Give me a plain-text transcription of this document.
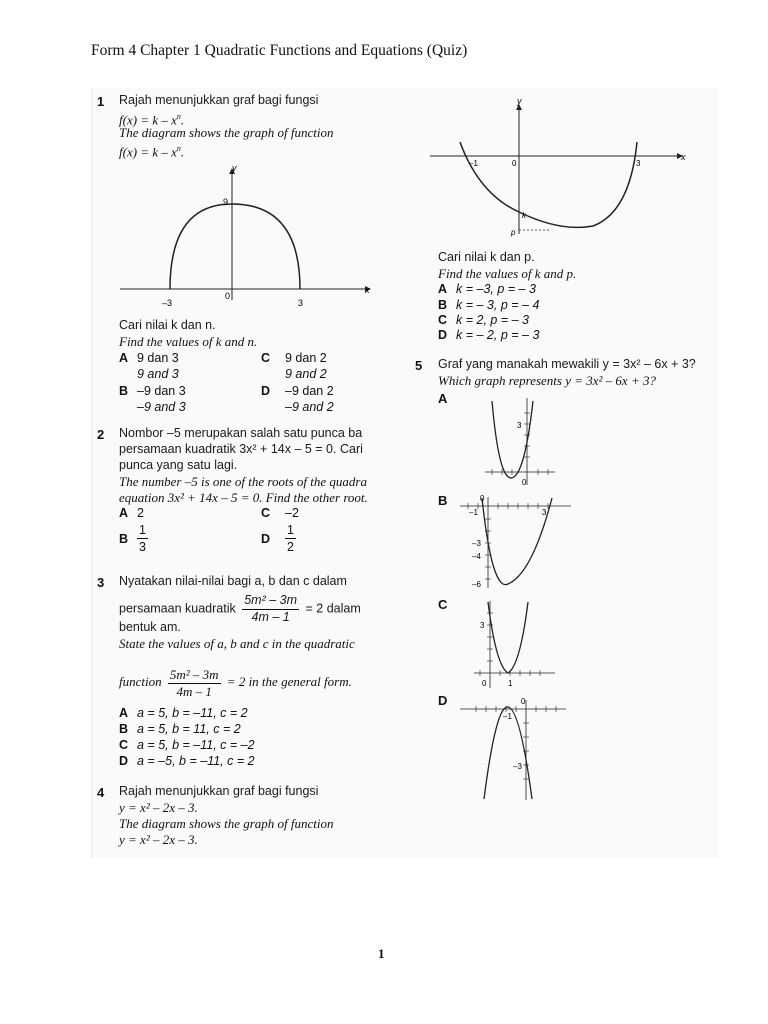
Form 4 Chapter 1 Quadratic Functions and Equations (Quiz)
1 Rajah menunjukkan graf bagi fungsi
$f(x) = k - x^n$.
The diagram shows the graph of function
$f(x) = k - x^n$.
y
x
9
–3
0
3
Cari nilai k dan n.
Find the values of k and n.
A 9 dan 3
9 and 3
C 9 dan 2
9 and 2
B –9 dan 3
–9 and 3
D –9 dan 2
–9 and 2
2 Nombor –5 merupakan salah satu punca ba
persamaan kuadratik 3x² + 14x – 5 = 0. Cari
punca yang satu lagi.
The number –5 is one of the roots of the quadra
equation 3x² + 14x – 5 = 0. Find the other root.
A 2	C –2
B $\frac{1}{3}$	D $\frac{1}{2}$
3 Nyatakan nilai-nilai bagi a, b dan c dalam
persamaan kuadratik $\frac{\text{5m² – 3m}}{4m - 1} = 2$ dalam
bentuk am.
State the values of a, b and c in the quadratic
function $\frac{\text{5m² – 3m}}{4m - 1} = 2$ in the general form.
A a = 5, b = –11, c = 2
B a = 5, b = 11, c = 2
C a = 5, b = –11, c = –2
D a = –5, b = –11, c = 2
4 Rajah menunjukkan graf bagi fungsi
y = x² – 2x – 3.
The diagram shows the graph of function
y = x² – 2x – 3.
y
x
–1	0	3
k
p
Cari nilai k dan p.
Find the values of k and p.
A k = –3, p = – 3
B k = – 3, p = – 4
C k = 2, p = – 3
D k = – 2, p = – 3
5 Graf yang manakah mewakili y = 3x² – 6x + 3?
Which graph represents y = 3x² – 6x + 3?
A
3
0
B	0
–1	3
–3
–4
–6
C
3
0	1
D	0
–1
–3
1
